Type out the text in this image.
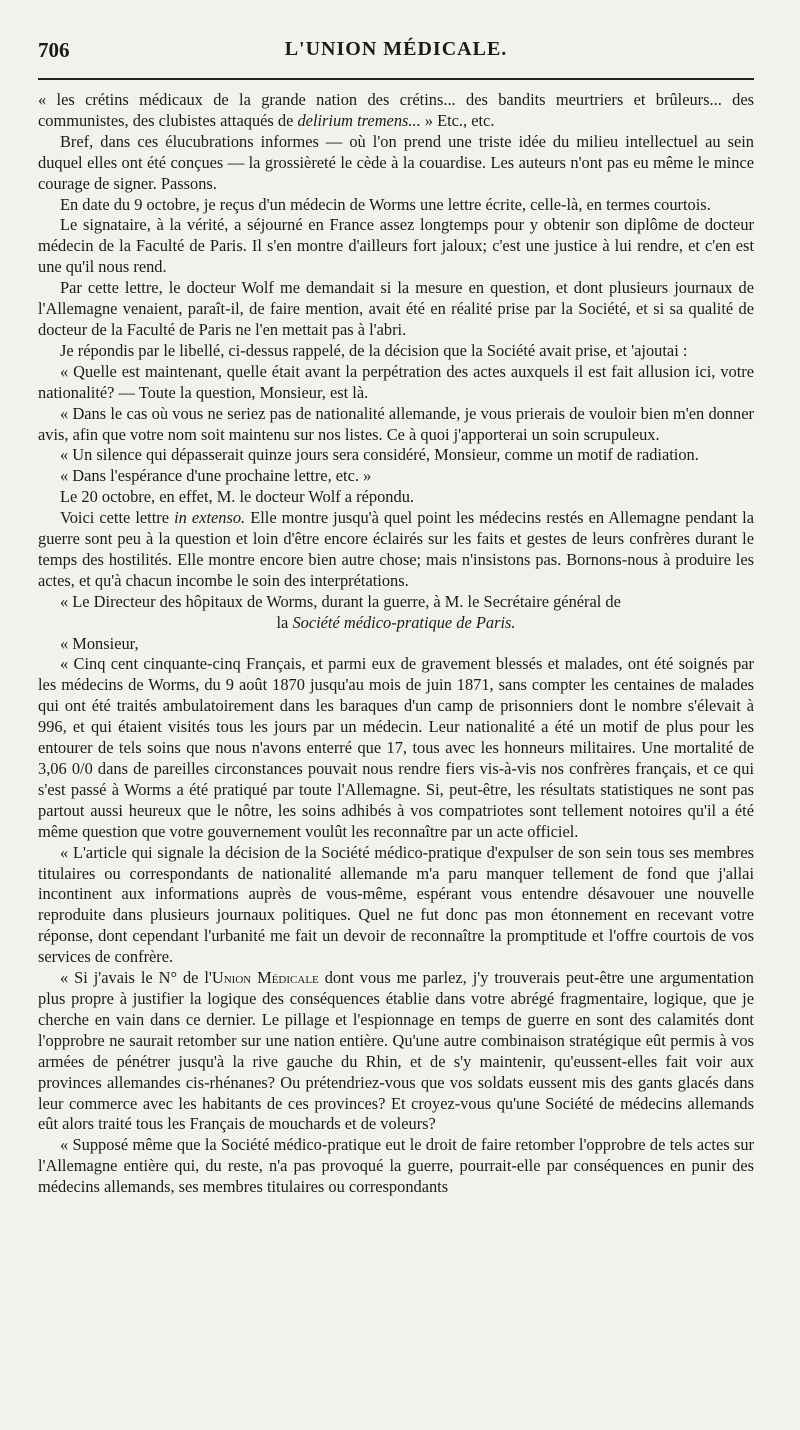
706	L'UNION MÉDICALE.

« les crétins médicaux de la grande nation des crétins... des bandits meurtriers et brûleurs... des communistes, des clubistes attaqués de delirium tremens... » Etc., etc.

Bref, dans ces élucubrations informes — où l'on prend une triste idée du milieu intellectuel au sein duquel elles ont été conçues — la grossièreté le cède à la couardise. Les auteurs n'ont pas eu même le mince courage de signer. Passons.

En date du 9 octobre, je reçus d'un médecin de Worms une lettre écrite, celle-là, en termes courtois.

Le signataire, à la vérité, a séjourné en France assez longtemps pour y obtenir son diplôme de docteur médecin de la Faculté de Paris. Il s'en montre d'ailleurs fort jaloux; c'est une justice à lui rendre, et c'en est une qu'il nous rend.

Par cette lettre, le docteur Wolf me demandait si la mesure en question, et dont plusieurs journaux de l'Allemagne venaient, paraît-il, de faire mention, avait été en réalité prise par la Société, et si sa qualité de docteur de la Faculté de Paris ne l'en mettait pas à l'abri.

Je répondis par le libellé, ci-dessus rappelé, de la décision que la Société avait prise, et 'ajoutai :

« Quelle est maintenant, quelle était avant la perpétration des actes auxquels il est fait allusion ici, votre nationalité? — Toute la question, Monsieur, est là.

« Dans le cas où vous ne seriez pas de nationalité allemande, je vous prierais de vouloir bien m'en donner avis, afin que votre nom soit maintenu sur nos listes. Ce à quoi j'apporterai un soin scrupuleux.

« Un silence qui dépasserait quinze jours sera considéré, Monsieur, comme un motif de radiation.

« Dans l'espérance d'une prochaine lettre, etc. »

Le 20 octobre, en effet, M. le docteur Wolf a répondu.

Voici cette lettre in extenso. Elle montre jusqu'à quel point les médecins restés en Allemagne pendant la guerre sont peu à la question et loin d'être encore éclairés sur les faits et gestes de leurs confrères durant le temps des hostilités. Elle montre encore bien autre chose; mais n'insistons pas. Bornons-nous à produire les actes, et qu'à chacun incombe le soin des interprétations.

« Le Directeur des hôpitaux de Worms, durant la guerre, à M. le Secrétaire général de

la Société médico-pratique de Paris.

« Monsieur,

« Cinq cent cinquante-cinq Français, et parmi eux de gravement blessés et malades, ont été soignés par les médecins de Worms, du 9 août 1870 jusqu'au mois de juin 1871, sans compter les centaines de malades qui ont été traités ambulatoirement dans les baraques d'un camp de prisonniers dont le nombre s'élevait à 996, et qui étaient visités tous les jours par un médecin. Leur nationalité a été un motif de plus pour les entourer de tels soins que nous n'avons enterré que 17, tous avec les honneurs militaires. Une mortalité de 3,06 0/0 dans de pareilles circonstances pouvait nous rendre fiers vis-à-vis nos confrères français, et ce qui s'est passé à Worms a été pratiqué par toute l'Allemagne. Si, peut-être, les résultats statistiques ne sont pas partout aussi heureux que le nôtre, les soins adhibés à vos compatriotes sont tellement notoires qu'il a été même question que votre gouvernement voulût les reconnaître par un acte officiel.

« L'article qui signale la décision de la Société médico-pratique d'expulser de son sein tous ses membres titulaires ou correspondants de nationalité allemande m'a paru manquer tellement de fond que j'allai incontinent aux informations auprès de vous-même, espérant vous entendre désavouer une nouvelle reproduite dans plusieurs journaux politiques. Quel ne fut donc pas mon étonnement en recevant votre réponse, dont cependant l'urbanité me fait un devoir de reconnaître la promptitude et l'offre courtois de vos services de confrère.

« Si j'avais le N° de l'Union Médicale dont vous me parlez, j'y trouverais peut-être une argumentation plus propre à justifier la logique des conséquences établie dans votre abrégé fragmentaire, logique, que je cherche en vain dans ce dernier. Le pillage et l'espionnage en temps de guerre en sont des calamités dont l'opprobre ne saurait retomber sur une nation entière. Qu'une autre combinaison stratégique eût permis à vos armées de pénétrer jusqu'à la rive gauche du Rhin, et de s'y maintenir, qu'eussent-elles fait voir aux provinces allemandes cis-rhénanes? Ou prétendriez-vous que vos soldats eussent mis des gants glacés dans leur commerce avec les habitants de ces provinces? Et croyez-vous qu'une Société de médecins allemands eût alors traité tous les Français de mouchards et de voleurs?

« Supposé même que la Société médico-pratique eut le droit de faire retomber l'opprobre de tels actes sur l'Allemagne entière qui, du reste, n'a pas provoqué la guerre, pourrait-elle par conséquences en punir des médecins allemands, ses membres titulaires ou correspondants
